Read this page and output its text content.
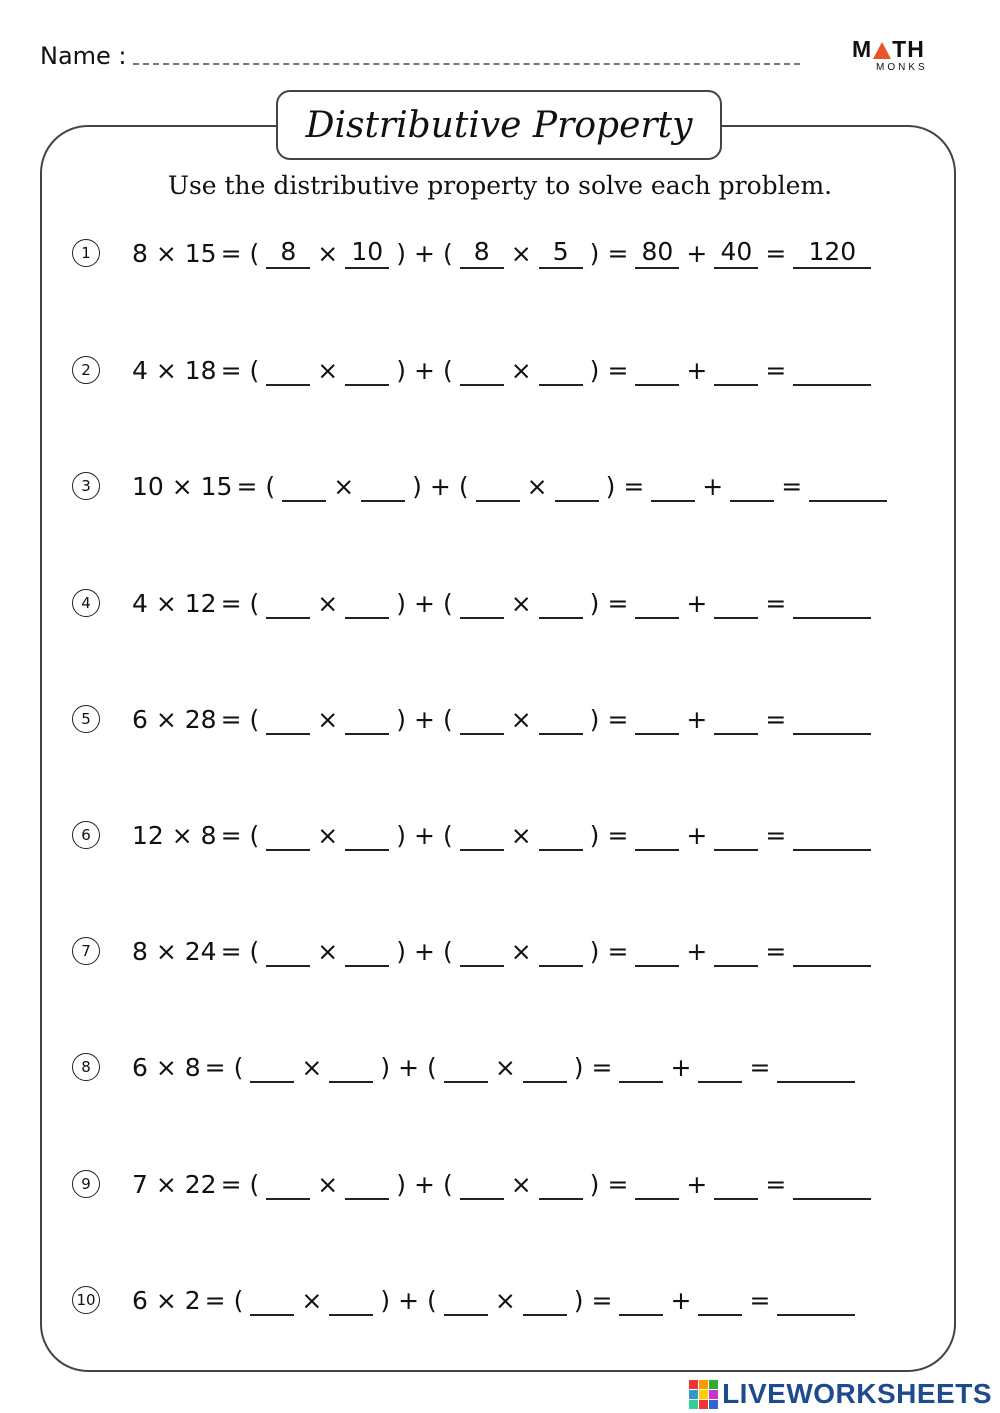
Name :	M TH
MONKS
Distributive Property
Use the distributive property to solve each problem.
1	8 × 15 = ( 8 × 10 ) + ( 8 × 5 ) = 80 + 40 = 120
2	4 × 18 = ( × ) + ( × ) = + =
3	10 × 15 = ( × ) + ( × ) = + =
4	4 × 12 = ( × ) + ( × ) = + =
5	6 × 28 = ( × ) + ( × ) = + =
6	12 × 8 = ( × ) + ( × ) = + =
7	8 × 24 = ( × ) + ( × ) = + =
8	6 × 8 = ( × ) + ( × ) = + =
9	7 × 22 = ( × ) + ( × ) = + =
10 6 × 2 = ( × ) + ( × ) = + =
LIVEWORKSHEETS
